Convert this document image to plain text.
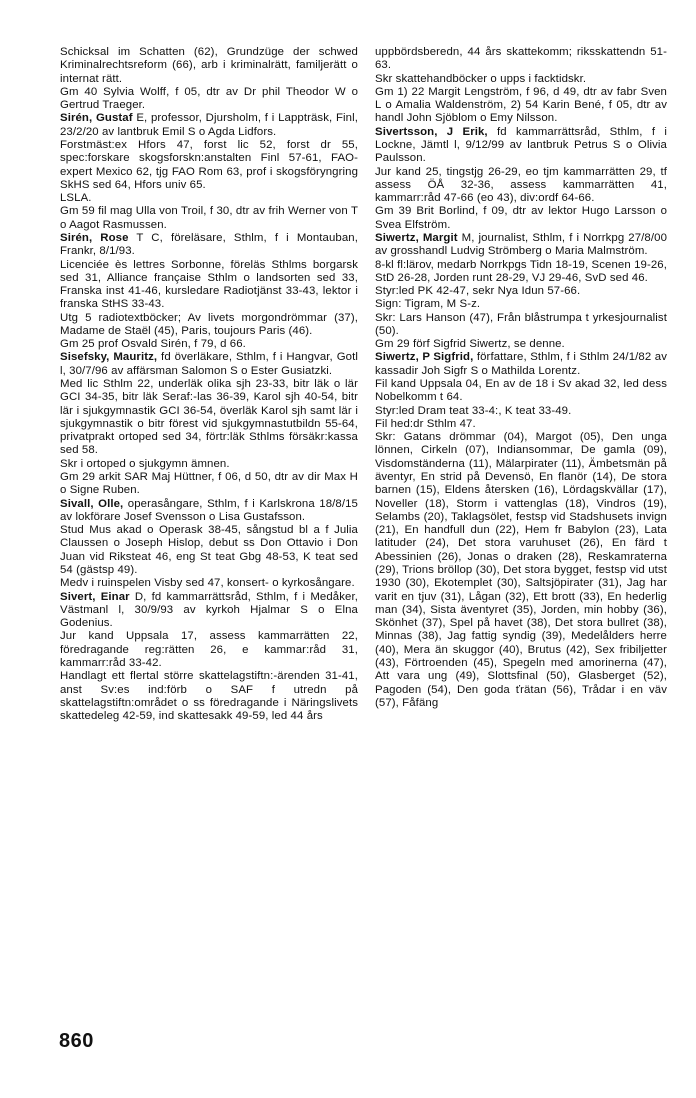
Schicksal im Schatten (62), Grundzüge der schwed Kriminalrechtsreform (66), arb i kriminalrätt, familjerätt o internat rätt.

Gm 40 Sylvia Wolff, f 05, dtr av Dr phil Theodor W o Gertrud Traeger.

Sirén, Gustaf E, professor, Djursholm, f i Lappträsk, Finl, 23/2/20 av lantbruk Emil S o Agda Lidfors.

Forstmäst:ex Hfors 47, forst lic 52, forst dr 55, spec:forskare skogsforskn:anstalten Finl 57-61, FAO-expert Mexico 62, tjg FAO Rom 63, prof i skogsföryngring SkHS sed 64, Hfors univ 65.

LSLA.

Gm 59 fil mag Ulla von Troil, f 30, dtr av frih Werner von T o Aagot Rasmussen.

Sirén, Rose T C, föreläsare, Sthlm, f i Montauban, Frankr, 8/1/93.

Licenciée ès lettres Sorbonne, föreläs Sthlms borgarsk sed 31, Alliance française Sthlm o landsorten sed 33, Franska inst 41-46, kursledare Radiotjänst 33-43, lektor i franska StHS 33-43.

Utg 5 radiotextböcker; Av livets morgondrömmar (37), Madame de Staël (45), Paris, toujours Paris (46).

Gm 25 prof Osvald Sirén, f 79, d 66.

Sisefsky, Mauritz, fd överläkare, Sthlm, f i Hangvar, Gotl l, 30/7/96 av affärsman Salomon S o Ester Gusiatzki.

Med lic Sthlm 22, underläk olika sjh 23-33, bitr läk o lär GCI 34-35, bitr läk Seraf:-las 36-39, Karol sjh 40-54, bitr lär i sjukgymnastik GCI 36-54, överläk Karol sjh samt lär i sjukgymnastik o bitr förest vid sjukgymnastutbildn 55-64, privatprakt ortoped sed 34, förtr:läk Sthlms försäkr:kassa sed 58.

Skr i ortoped o sjukgymn ämnen.

Gm 29 arkit SAR Maj Hüttner, f 06, d 50, dtr av dir Max H o Signe Ruben.

Sivall, Olle, operasångare, Sthlm, f i Karlskrona 18/8/15 av lokförare Josef Svensson o Lisa Gustafsson.

Stud Mus akad o Operask 38-45, sångstud bl a f Julia Claussen o Joseph Hislop, debut ss Don Ottavio i Don Juan vid Riksteat 46, eng St teat Gbg 48-53, K teat sed 54 (gästsp 49).

Medv i ruinspelen Visby sed 47, konsert- o kyrkosångare.

Sivert, Einar D, fd kammarrättsråd, Sthlm, f i Medåker, Västmanl l, 30/9/93 av kyrkoh Hjalmar S o Elna Godenius.

Jur kand Uppsala 17, assess kammarrätten 22, föredragande reg:rätten 26, e kammar:råd 31, kammarr:råd 33-42.

Handlagt ett flertal större skattelagstiftn:-ärenden 31-41, anst Sv:es ind:förb o SAF f utredn på skattelagstiftn:området o ss föredragande i Näringslivets skattedeleg 42-59, ind skattesakk 49-59, led 44 års

uppbördsberedn, 44 års skattekomm; riksskattendn 51-63.

Skr skattehandböcker o upps i facktidskr.

Gm 1) 22 Margit Lengström, f 96, d 49, dtr av fabr Sven L o Amalia Waldenström, 2) 54 Karin Bené, f 05, dtr av handl John Sjöblom o Emy Nilsson.

Sivertsson, J Erik, fd kammarrättsråd, Sthlm, f i Lockne, Jämtl l, 9/12/99 av lantbruk Petrus S o Olivia Paulsson.

Jur kand 25, tingstjg 26-29, eo tjm kammarrätten 29, tf assess ÖÅ 32-36, assess kammarrätten 41, kammarr:råd 47-66 (eo 43), div:ordf 64-66.

Gm 39 Brit Borlind, f 09, dtr av lektor Hugo Larsson o Svea Elfström.

Siwertz, Margit M, journalist, Sthlm, f i Norrkpg 27/8/00 av grosshandl Ludvig Strömberg o Maria Malmström.

8-kl fl:lärov, medarb Norrkpgs Tidn 18-19, Scenen 19-26, StD 26-28, Jorden runt 28-29, VJ 29-46, SvD sed 46.

Styr:led PK 42-47, sekr Nya Idun 57-66.

Sign: Tigram, M S-z.

Skr: Lars Hanson (47), Från blåstrumpa t yrkesjournalist (50).

Gm 29 förf Sigfrid Siwertz, se denne.

Siwertz, P Sigfrid, författare, Sthlm, f i Sthlm 24/1/82 av kassadir Joh Sigfr S o Mathilda Lorentz.

Fil kand Uppsala 04, En av de 18 i Sv akad 32, led dess Nobelkomm t 64.

Styr:led Dram teat 33-4:, K teat 33-49.

Fil hed:dr Sthlm 47.

Skr: Gatans drömmar (04), Margot (05), Den unga lönnen, Cirkeln (07), Indiansommar, De gamla (09), Visdomständerna (11), Mälarpirater (11), Ämbetsmän på äventyr, En strid på Devensö, En flanör (14), De stora barnen (15), Eldens återsken (16), Lördagskvällar (17), Noveller (18), Storm i vattenglas (18), Vindros (19), Selambs (20), Taklagsölet, festsp vid Stadshusets invign (21), En handfull dun (22), Hem fr Babylon (23), Lata latituder (24), Det stora varuhuset (26), En färd t Abessinien (26), Jonas o draken (28), Reskamraterna (29), Trions bröllop (30), Det stora bygget, festsp vid utst 1930 (30), Ekotemplet (30), Saltsjöpirater (31), Jag har varit en tjuv (31), Lågan (32), Ett brott (33), En hederlig man (34), Sista äventyret (35), Jorden, min hobby (36), Skönhet (37), Spel på havet (38), Det stora bullret (38), Minnas (38), Jag fattig syndig (39), Medelålders herre (40), Mera än skuggor (40), Brutus (42), Sex fribiljetter (43), Förtroenden (45), Spegeln med amorinerna (47), Att vara ung (49), Slottsfinal (50), Glasberget (52), Pagoden (54), Den goda ťrätan (56), Trådar i en väv (57), Fåfäng

860
